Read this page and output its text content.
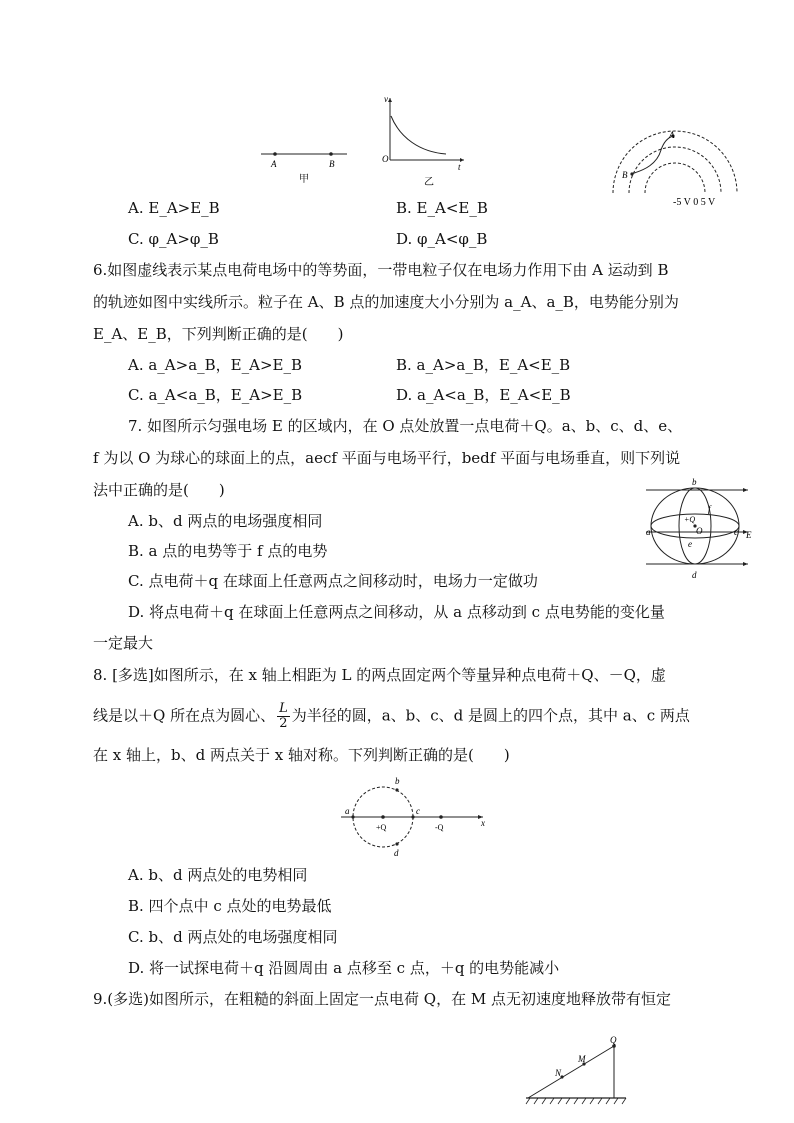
A	B
甲
v
O
t
乙
A
B
-5 V 0 5 V
A. E_A>E_B	B. E_A<E_B
C. φ_A>φ_B	D. φ_A<φ_B
6.如图虚线表示某点电荷电场中的等势面，一带电粒子仅在电场力作用下由 A 运动到 B
的轨迹如图中实线所示。粒子在 A、B 点的加速度大小分别为 a_A、a_B，电势能分别为
E_A、E_B，下列判断正确的是(　　)
A. a_A>a_B，E_A>E_B	B. a_A>a_B，E_A<E_B
C. a_A<a_B，E_A>E_B	D. a_A<a_B，E_A<E_B
7. 如图所示匀强电场 E 的区域内，在 O 点处放置一点电荷＋Q。a、b、c、d、e、
f 为以 O 为球心的球面上的点，aecf 平面与电场平行，bedf 平面与电场垂直，则下列说
法中正确的是(　　)
A. b、d 两点的电场强度相同
B. a 点的电势等于 f 点的电势
C. 点电荷＋q 在球面上任意两点之间移动时，电场力一定做功
D. 将点电荷＋q 在球面上任意两点之间移动，从 a 点移动到 c 点电势能的变化量
一定最大
b
f
+Q
O
a
e
c E
d
8. [多选]如图所示，在 x 轴上相距为 L 的两点固定两个等量异种点电荷＋Q、－Q，虚
线是以＋Q 所在点为圆心、 $\frac{L}{2}$ 为半径的圆，a、b、c、d 是圆上的四个点，其中 a、c 两点
在 x 轴上，b、d 两点关于 x 轴对称。下列判断正确的是(　　)
a
b
c
d
+Q	-Q	x
A. b、d 两点处的电势相同
B. 四个点中 c 点处的电势最低
C. b、d 两点处的电场强度相同
D. 将一试探电荷＋q 沿圆周由 a 点移至 c 点，＋q 的电势能减小
9.(多选)如图所示，在粗糙的斜面上固定一点电荷 Q，在 M 点无初速度地释放带有恒定
Q
M
N
